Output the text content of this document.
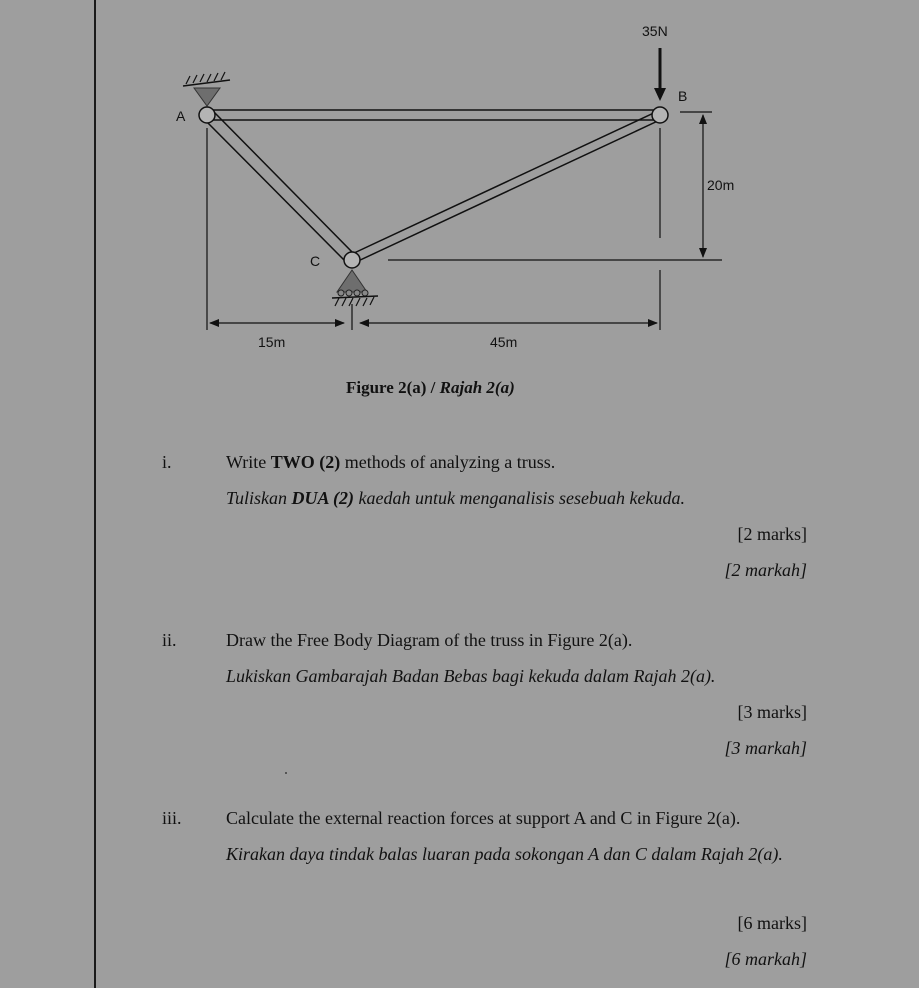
A
B
C
35N
15m	45m
20m
Figure 2(a) / Rajah 2(a)
i.	Write TWO (2) methods of analyzing a truss.
Tuliskan DUA (2) kaedah untuk menganalisis sesebuah kekuda.
[2 marks]
[2 markah]
ii.	Draw the Free Body Diagram of the truss in Figure 2(a).
Lukiskan Gambarajah Badan Bebas bagi kekuda dalam Rajah 2(a).
[3 marks]
[3 markah]
iii. Calculate the external reaction forces at support A and C in Figure 2(a).
Kirakan daya tindak balas luaran pada sokongan A dan C dalam Rajah 2(a).
[6 marks]
[6 markah]
